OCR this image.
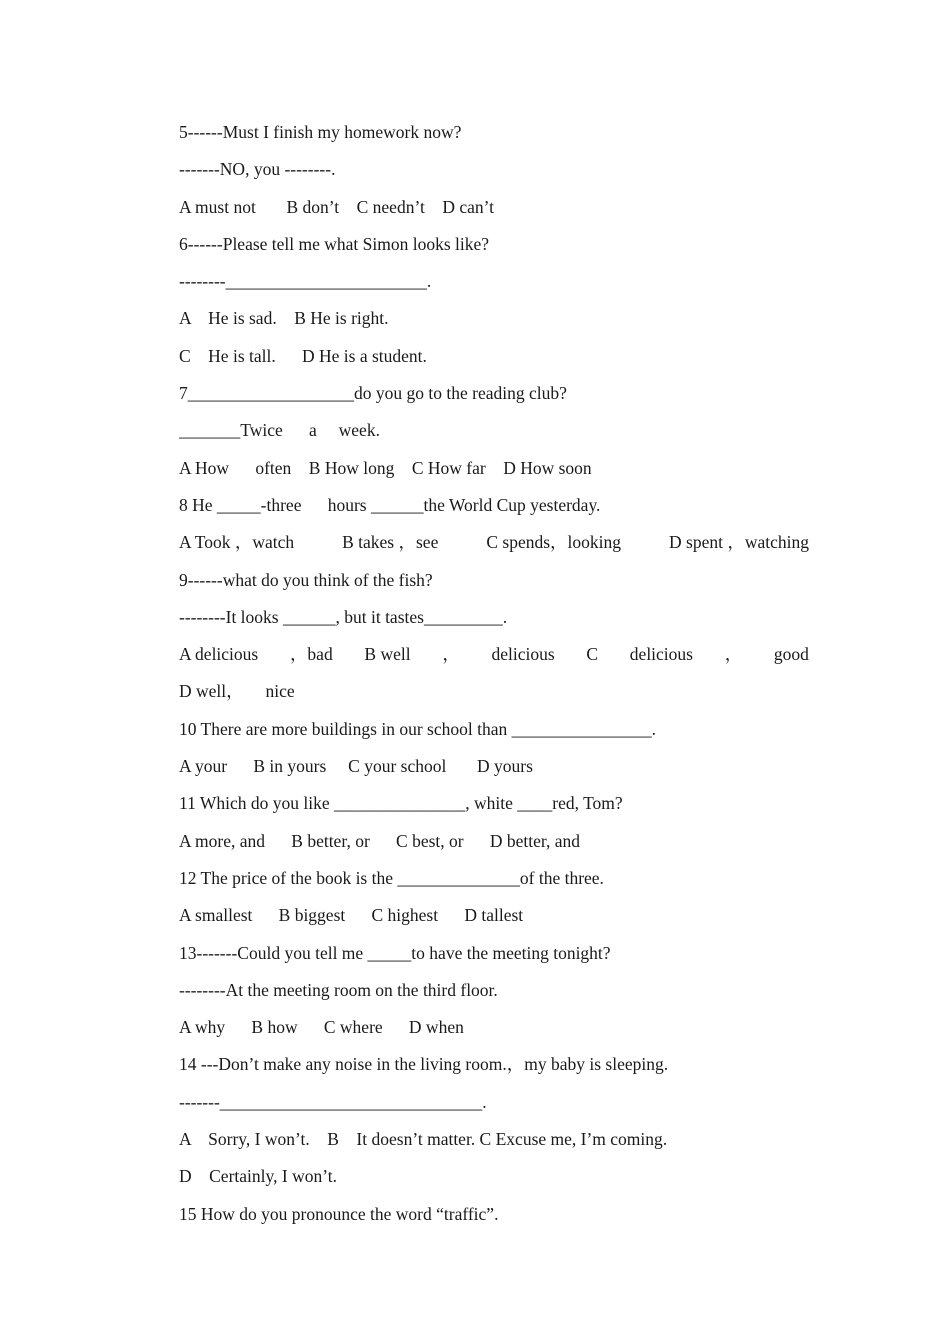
5------Must I finish my homework now?
-------NO, you --------.
A must not       B don’t    C needn’t    D can’t
6------Please tell me what Simon looks like?
--------_______________________.
A    He is sad.    B He is right.
C    He is tall.      D He is a student.
7___________________do you go to the reading club?
_______Twice      a     week.
A How      often    B How long    C How far    D How soon
8 He _____-three      hours ______the World Cup yesterday.
A Took ，watch	B takes ，see	C spends，looking	D spent ，watching
9------what do you think of the fish?
--------It looks ______, but it tastes_________.
A delicious ，bad B well ， delicious C delicious ， good
D well，     nice
10 There are more buildings in our school than ________________.
A your      B in yours     C your school       D yours
11 Which do you like _______________, white ____red, Tom?
A more, and      B better, or      C best, or      D better, and
12 The price of the book is the ______________of the three.
A smallest      B biggest      C highest      D tallest
13-------Could you tell me _____to have the meeting tonight?
--------At the meeting room on the third floor.
A why      B how      C where      D when
14 ---Don’t make any noise in the living room.，my baby is sleeping.
-------______________________________.
A    Sorry, I won’t.    B    It doesn’t matter. C Excuse me, I’m coming.
D    Certainly, I won’t.
15 How do you pronounce the word “traffic”.
